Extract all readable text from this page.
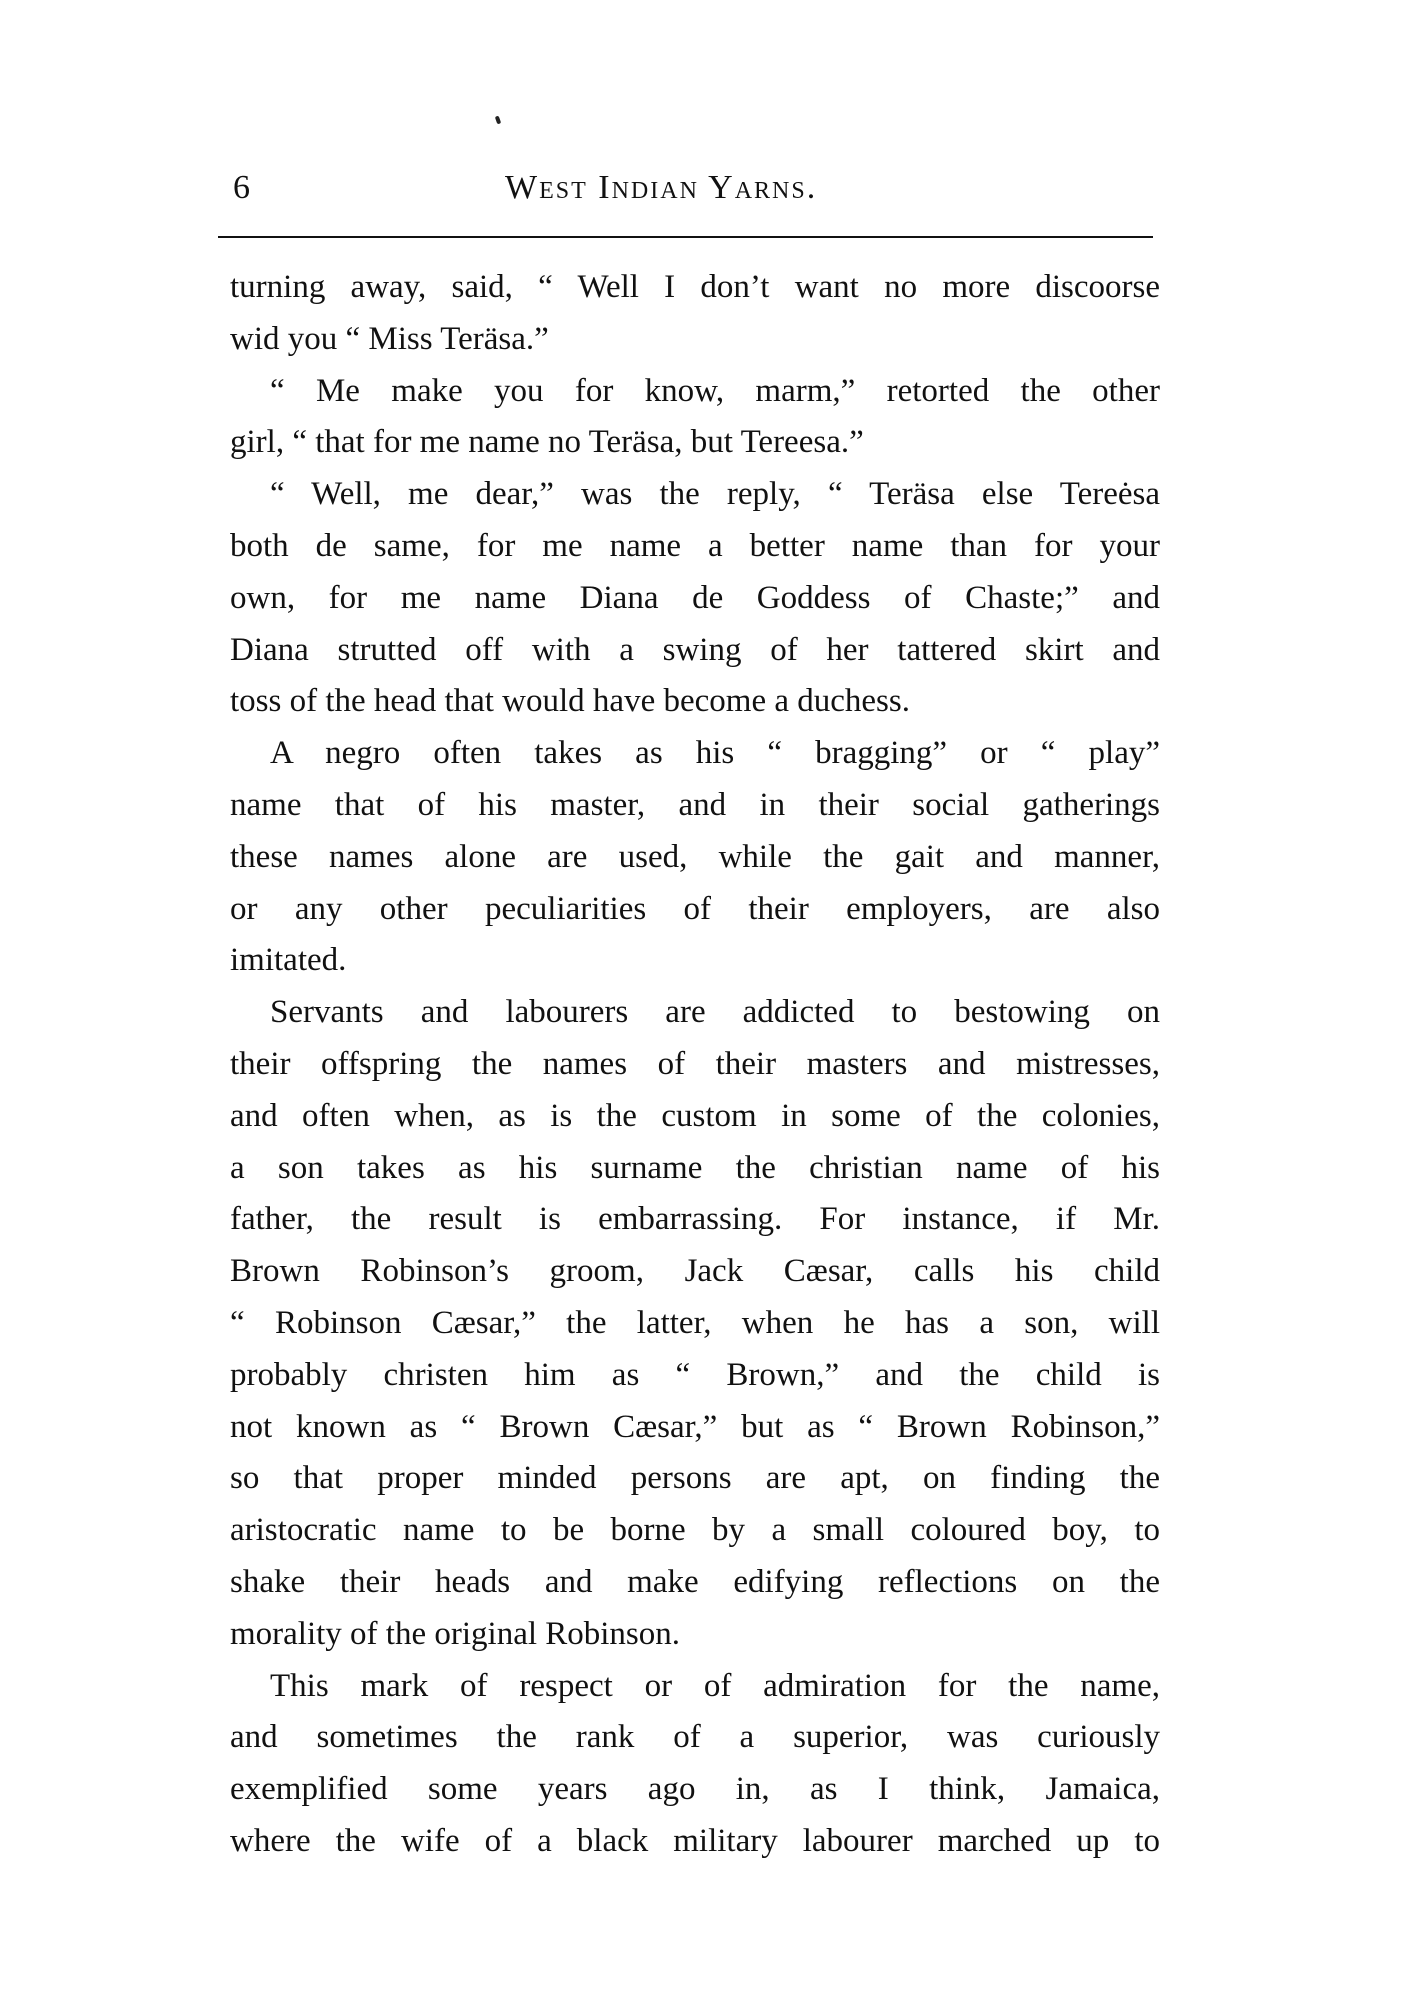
6	West Indian Yarns.
turning away, said, “ Well I don’t want no more discoorse
wid you “ Miss Teräsa.”
“ Me make you for know, marm,” retorted the other
girl, “ that for me name no Teräsa, but Tereesa.”
“ Well, me dear,” was the reply, “ Teräsa else Tereėsa
both de same, for me name a better name than for your
own, for me name Diana de Goddess of Chaste;” and
Diana strutted off with a swing of her tattered skirt and
toss of the head that would have become a duchess.
A negro often takes as his “ bragging” or “ play”
name that of his master, and in their social gatherings
these names alone are used, while the gait and manner,
or any other peculiarities of their employers, are also
imitated.
Servants and labourers are addicted to bestowing on
their offspring the names of their masters and mistresses,
and often when, as is the custom in some of the colonies,
a son takes as his surname the christian name of his
father, the result is embarrassing. For instance, if Mr.
Brown Robinson’s groom, Jack Cæsar, calls his child
“ Robinson Cæsar,” the latter, when he has a son, will
probably christen him as “ Brown,” and the child is
not known as “ Brown Cæsar,” but as “ Brown Robinson,”
so that proper minded persons are apt, on finding the
aristocratic name to be borne by a small coloured boy, to
shake their heads and make edifying reflections on the
morality of the original Robinson.
This mark of respect or of admiration for the name,
and sometimes the rank of a superior, was curiously
exemplified some years ago in, as I think, Jamaica,
where the wife of a black military labourer marched up to
